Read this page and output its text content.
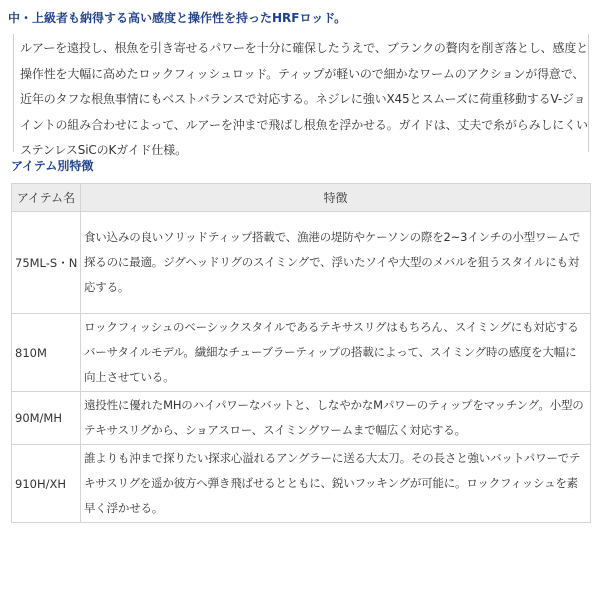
中・上級者も納得する高い感度と操作性を持ったHRFロッド。

ルアーを遠投し、根魚を引き寄せるパワーを十分に確保したうえで、ブランクの贅肉を削ぎ落とし、感度と操作性を大幅に高めたロックフィッシュロッド。ティップが軽いので細かなワームのアクションが得意で、近年のタフな根魚事情にもベストバランスで対応する。ネジレに強いX45とスムーズに荷重移動するV-ジョイントの組み合わせによって、ルアーを沖まで飛ばし根魚を浮かせる。ガイドは、丈夫で糸がらみしにくいステンレスSiCのKガイド仕様。

アイテム別特徴
アイテム名	特徴
75ML-S・N	食い込みの良いソリッドティップ搭載で、漁港の堤防やケーソンの際を2~3インチの小型ワームで探るのに最適。ジグヘッドリグのスイミングで、浮いたソイや大型のメバルを狙うスタイルにも対応する。
810M	ロックフィッシュのベーシックスタイルであるテキサスリグはもちろん、スイミングにも対応するバーサタイルモデル。繊細なチューブラーティップの搭載によって、スイミング時の感度を大幅に向上させている。
90M/MH	遠投性に優れたMHのハイパワーなバットと、しなやかなMパワーのティップをマッチング。小型のテキサスリグから、ショアスロー、スイミングワームまで幅広く対応する。
910H/XH	誰よりも沖まで探りたい探求心溢れるアングラーに送る大太刀。その長さと強いバットパワーでテキサスリグを遥か彼方へ弾き飛ばせるとともに、鋭いフッキングが可能に。ロックフィッシュを素早く浮かせる。
